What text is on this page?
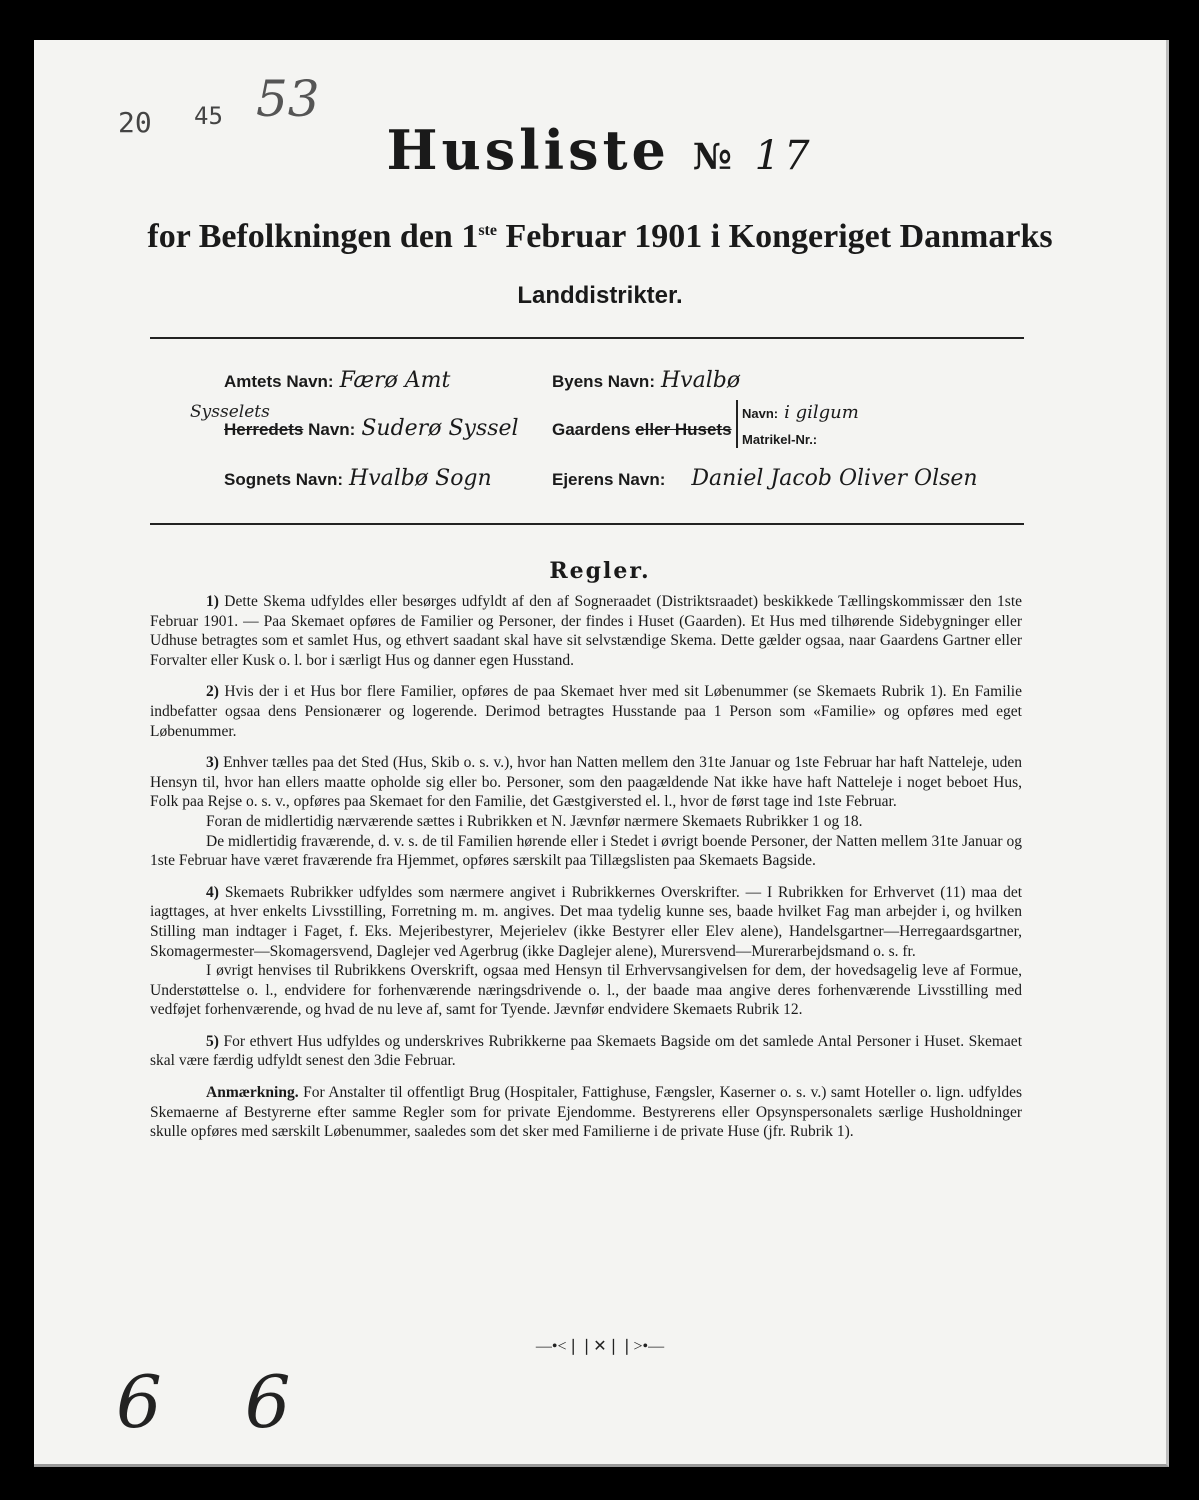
20 45 53
Husliste № 17
for Befolkningen den 1ste Februar 1901 i Kongeriget Danmarks
Landdistrikter.
Amtets Navn: Færø Amt	Byens Navn: Hvalbø
Sysselets
Herredets Navn: Suderø Syssel Gaardens eller Husets
Navn: i gilgum
Matrikel-Nr.:
Sognets Navn: Hvalbø Sogn	Ejerens Navn: Daniel Jacob Oliver Olsen
Regler.

1) Dette Skema udfyldes eller besørges udfyldt af den af Sogneraadet (Distriktsraadet) beskikkede Tællingskommissær den 1ste Februar 1901. — Paa Skemaet opføres de Familier og Personer, der findes i Huset (Gaarden). Et Hus med tilhørende Sidebygninger eller Udhuse betragtes som et samlet Hus, og ethvert saadant skal have sit selvstændige Skema. Dette gælder ogsaa, naar Gaardens Gartner eller Forvalter eller Kusk o. l. bor i særligt Hus og danner egen Husstand.

2) Hvis der i et Hus bor flere Familier, opføres de paa Skemaet hver med sit Løbenummer (se Skemaets Rubrik 1). En Familie indbefatter ogsaa dens Pensionærer og logerende. Derimod betragtes Husstande paa 1 Person som «Familie» og opføres med eget Løbenummer.

3) Enhver tælles paa det Sted (Hus, Skib o. s. v.), hvor han Natten mellem den 31te Januar og 1ste Februar har haft Natteleje, uden Hensyn til, hvor han ellers maatte opholde sig eller bo. Personer, som den paagældende Nat ikke have haft Natteleje i noget beboet Hus, Folk paa Rejse o. s. v., opføres paa Skemaet for den Familie, det Gæstgiversted el. l., hvor de først tage ind 1ste Februar.

Foran de midlertidig nærværende sættes i Rubrikken et N. Jævnfør nærmere Skemaets Rubrikker 1 og 18.

De midlertidig fraværende, d. v. s. de til Familien hørende eller i Stedet i øvrigt boende Personer, der Natten mellem 31te Januar og 1ste Februar have været fraværende fra Hjemmet, opføres særskilt paa Tillægslisten paa Skemaets Bagside.

4) Skemaets Rubrikker udfyldes som nærmere angivet i Rubrikkernes Overskrifter. — I Rubrikken for Erhvervet (11) maa det iagttages, at hver enkelts Livsstilling, Forretning m. m. angives. Det maa tydelig kunne ses, baade hvilket Fag man arbejder i, og hvilken Stilling man indtager i Faget, f. Eks. Mejeribestyrer, Mejerielev (ikke Bestyrer eller Elev alene), Handelsgartner—Herregaardsgartner, Skomagermester—Skomagersvend, Daglejer ved Agerbrug (ikke Daglejer alene), Murersvend—Murerarbejdsmand o. s. fr.

I øvrigt henvises til Rubrikkens Overskrift, ogsaa med Hensyn til Erhvervsangivelsen for dem, der hovedsagelig leve af Formue, Understøttelse o. l., endvidere for forhenværende næringsdrivende o. l., der baade maa angive deres forhenværende Livsstilling med vedføjet forhenværende, og hvad de nu leve af, samt for Tyende. Jævnfør endvidere Skemaets Rubrik 12.

5) For ethvert Hus udfyldes og underskrives Rubrikkerne paa Skemaets Bagside om det samlede Antal Personer i Huset. Skemaet skal være færdig udfyldt senest den 3die Februar.

Anmærkning. For Anstalter til offentligt Brug (Hospitaler, Fattighuse, Fængsler, Kaserner o. s. v.) samt Hoteller o. lign. udfyldes Skemaerne af Bestyrerne efter samme Regler som for private Ejendomme. Bestyrerens eller Opsynspersonalets særlige Husholdninger skulle opføres med særskilt Løbenummer, saaledes som det sker med Familierne i de private Huse (jfr. Rubrik 1).

—•<❘❘✕❘❘>•—
6 6
